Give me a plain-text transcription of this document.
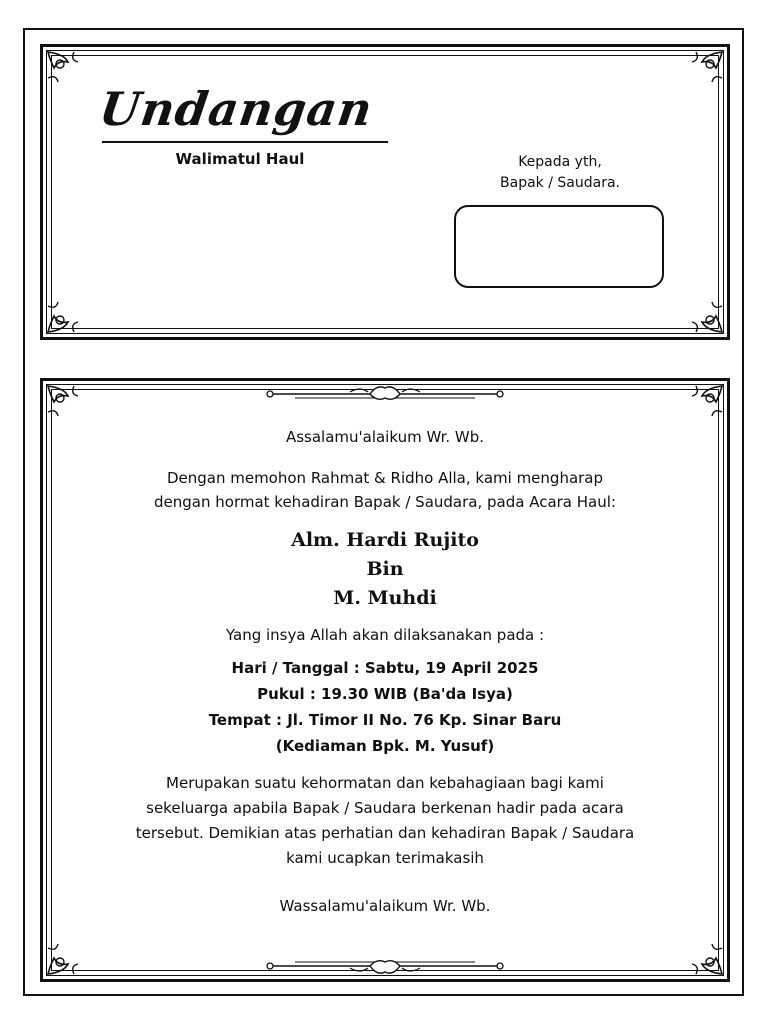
Undangan
Walimatul Haul	Kepada yth,
Bapak / Saudara.

Assalamu'alaikum Wr. Wb.

Dengan memohon Rahmat & Ridho Alla, kami mengharap

dengan hormat kehadiran Bapak / Saudara, pada Acara Haul:

Alm. Hardi Rujito

Bin

M. Muhdi

Yang insya Allah akan dilaksanakan pada :

Hari / Tanggal : Sabtu, 19 April 2025

Pukul : 19.30 WIB (Ba'da Isya)

Tempat : Jl. Timor II No. 76 Kp. Sinar Baru

(Kediaman Bpk. M. Yusuf)

Merupakan suatu kehormatan dan kebahagiaan bagi kami

sekeluarga apabila Bapak / Saudara berkenan hadir pada acara

tersebut. Demikian atas perhatian dan kehadiran Bapak / Saudara

kami ucapkan terimakasih

Wassalamu'alaikum Wr. Wb.
